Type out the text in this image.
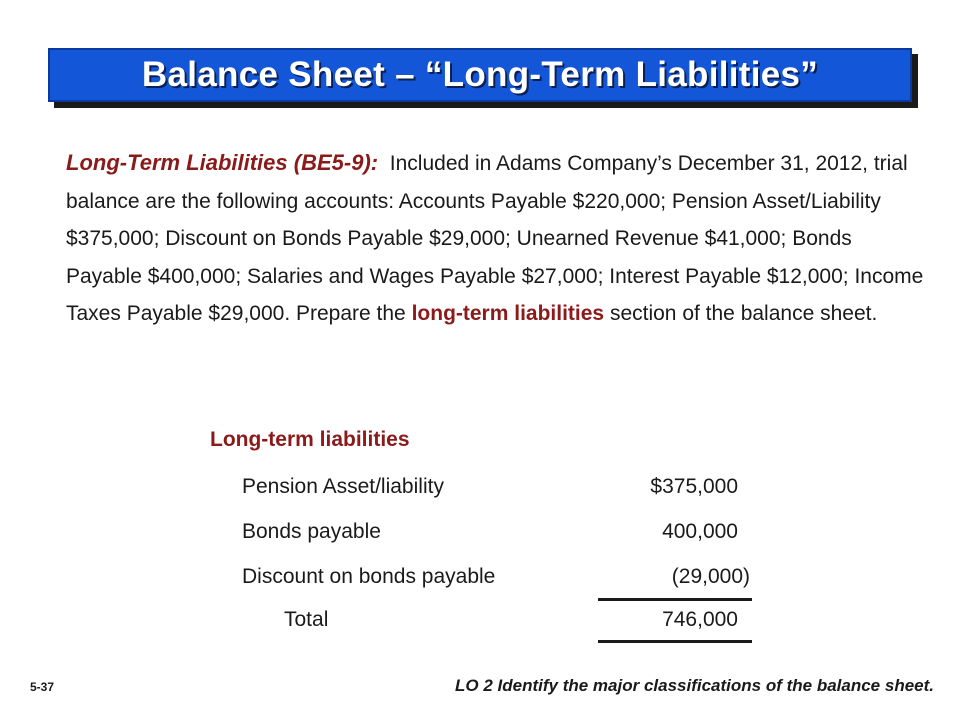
Balance Sheet – “Long-Term Liabilities”
Long-Term Liabilities (BE5-9): Included in Adams Company’s December 31, 2012, trial balance are the following accounts: Accounts Payable $220,000; Pension Asset/Liability $375,000; Discount on Bonds Payable $29,000; Unearned Revenue $41,000; Bonds Payable $400,000; Salaries and Wages Payable $27,000; Interest Payable $12,000; Income Taxes Payable $29,000. Prepare the long-term liabilities section of the balance sheet.
Long-term liabilities
Pension Asset/liability	$375,000
Bonds payable	400,000
Discount on bonds payable	(29,000)
Total	746,000
5-37	LO 2 Identify the major classifications of the balance sheet.
